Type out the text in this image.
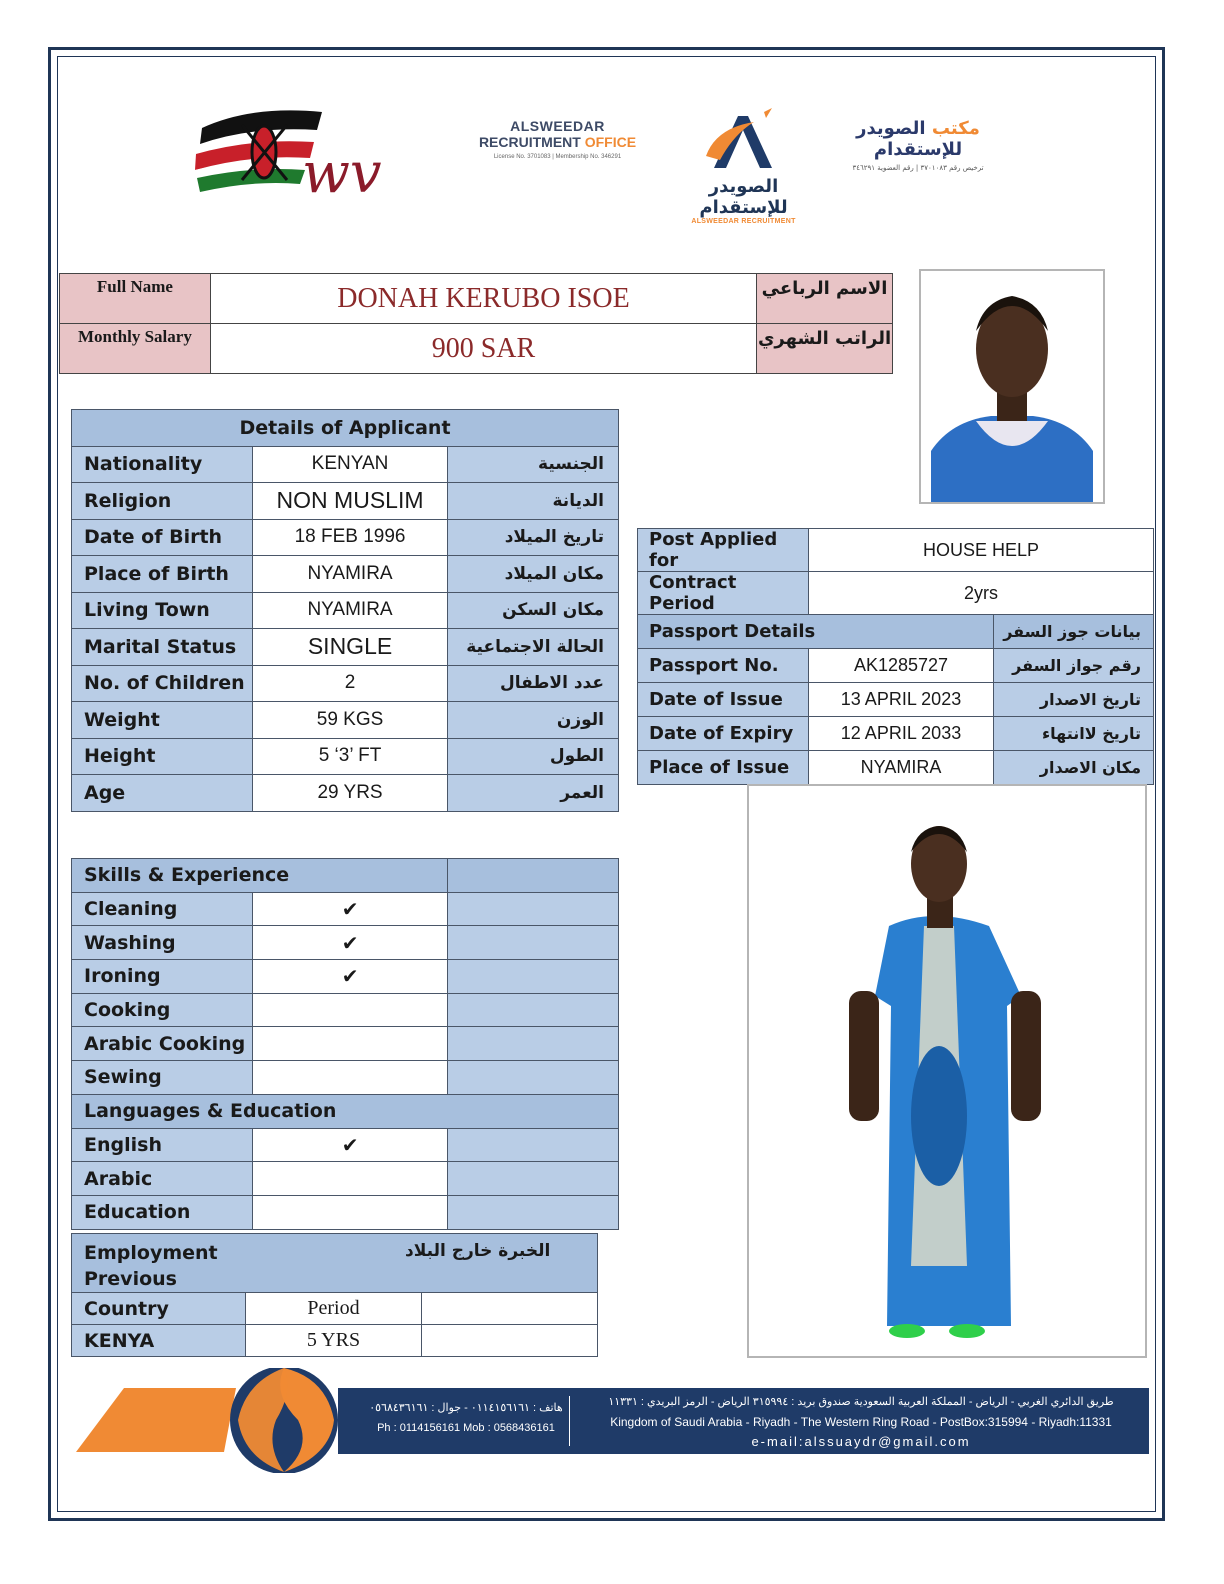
wv
ALSWEEDAR
RECRUITMENT OFFICE
License No. 3701083 | Membership No. 346291
الصويدر للإستقدام
ALSWEEDAR RECRUITMENT
مكتب الصويدر للإستقدام
ترخيص رقم ٣٧٠١٠٨٣ | رقم العضوية ٣٤٦٢٩١
Full Name	DONAH KERUBO ISOE	الاسم الرباعي
Monthly Salary	900 SAR	الراتب الشهري
Details of Applicant		
Nationality	KENYAN	الجنسية
Religion	NON MUSLIM	الديانة
Date of Birth	18 FEB 1996	تاريخ الميلاد
Place of Birth	NYAMIRA	مكان الميلاد
Living Town	NYAMIRA	مكان السكن
Marital Status	SINGLE	الحالة الاجتماعية
No. of Children	2	عدد الاطفال
Weight	59 KGS	الوزن
Height	5 ‘3’ FT	الطول
Age	29 YRS	العمر
Post Applied for	HOUSE HELP	
Contract Period	2yrs	
Passport Details		بيانات جوز السفر
Passport No.	AK1285727	رقم جواز السفر
Date of Issue	13 APRIL 2023	تاريخ الاصدار
Date of Expiry	12 APRIL 2033	تاريخ لاانتهاء
Place of Issue	NYAMIRA	مكان الاصدار
Skills & Experience		
Cleaning	✔	
Washing	✔	
Ironing	✔	
Cooking		
Arabic Cooking		
Sewing		
Languages & Education		
English	✔	
Arabic		
Education		
Employment
Previous
الخبرة خارج البلاد		

Country	Period	
KENYA	5 YRS	
هاتف : ٠١١٤١٥٦١٦١ - جوال : ٠٥٦٨٤٣٦١٦١
Ph : 0114156161 Mob : 0568436161
طريق الدائري الغربي - الرياض - المملكة العربية السعودية صندوق بريد : ٣١٥٩٩٤ الرياض - الرمز البريدي : ١١٣٣١
Kingdom of Saudi Arabia - Riyadh - The Western Ring Road - PostBox:315994 - Riyadh:11331
e-mail:alssuaydr@gmail.com
